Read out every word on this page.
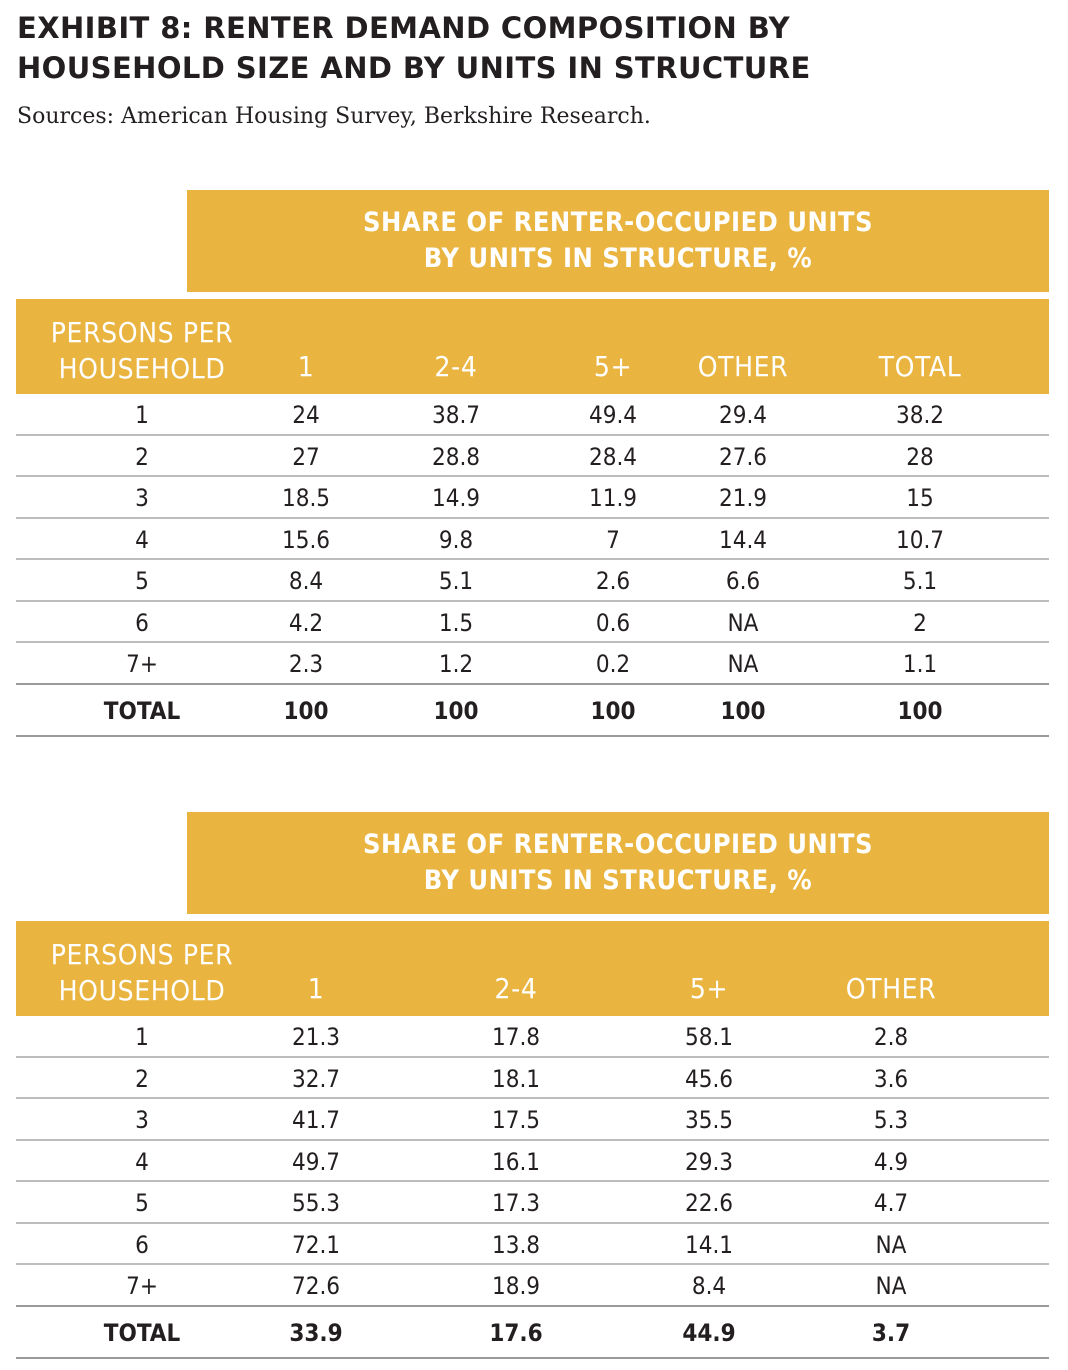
EXHIBIT 8: RENTER DEMAND COMPOSITION BY
HOUSEHOLD SIZE AND BY UNITS IN STRUCTURE
Sources: American Housing Survey, Berkshire Research.
SHARE OF RENTER-OCCUPIED UNITS
BY UNITS IN STRUCTURE, %
PERSONS PER
HOUSEHOLD	1	2-4	5+	OTHER	TOTAL
1	24	38.7	49.4	29.4	38.2
2	27	28.8	28.4	27.6	28
3	18.5	14.9	11.9	21.9	15
4	15.6	9.8	7	14.4	10.7
5	8.4	5.1	2.6	6.6	5.1
6	4.2	1.5	0.6	NA	2
7+	2.3	1.2	0.2	NA	1.1
TOTAL	100	100	100	100	100
SHARE OF RENTER-OCCUPIED UNITS
BY UNITS IN STRUCTURE, %
PERSONS PER
HOUSEHOLD	1	2-4	5+	OTHER
1	21.3	17.8	58.1	2.8
2	32.7	18.1	45.6	3.6
3	41.7	17.5	35.5	5.3
4	49.7	16.1	29.3	4.9
5	55.3	17.3	22.6	4.7
6	72.1	13.8	14.1	NA
7+	72.6	18.9	8.4	NA
TOTAL	33.9	17.6	44.9	3.7
